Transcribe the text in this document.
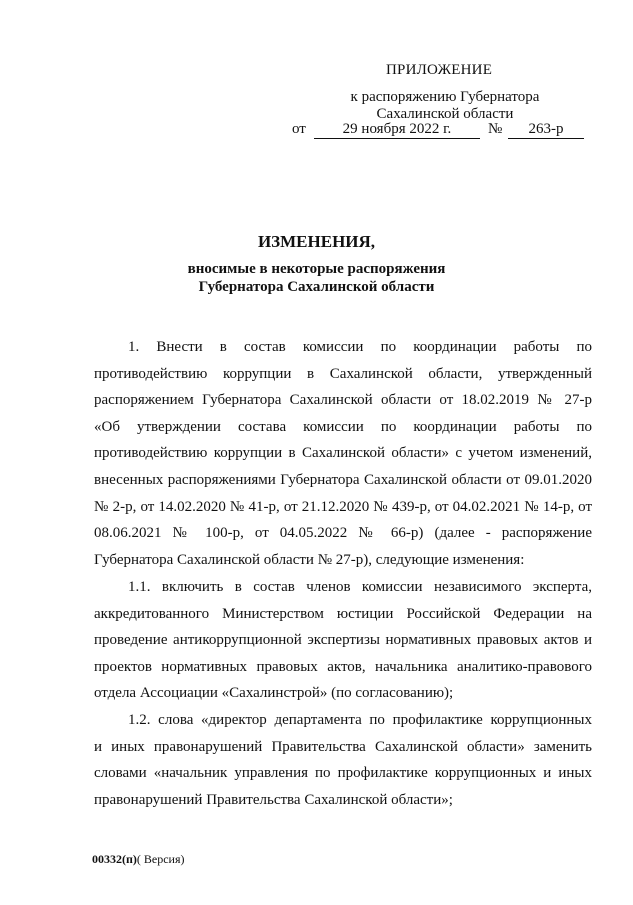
ПРИЛОЖЕНИЕ
к распоряжению Губернатора
Сахалинской области
от	29 ноября 2022 г.	№	263-р
ИЗМЕНЕНИЯ,
вносимые в некоторые распоряжения
Губернатора Сахалинской области
1. Внести в состав комиссии по координации работы по
противодействию коррупции в Сахалинской области, утвержденный
распоряжением Губернатора Сахалинской области от 18.02.2019 № 27-р
«Об утверждении состава комиссии по координации работы по
противодействию коррупции в Сахалинской области» с учетом изменений,
внесенных распоряжениями Губернатора Сахалинской области от 09.01.2020
№ 2-р, от 14.02.2020 № 41-р, от 21.12.2020 № 439-р, от 04.02.2021 № 14-р, от
08.06.2021 № 100-р, от 04.05.2022 № 66-р) (далее - распоряжение
Губернатора Сахалинской области № 27-р), следующие изменения:
1.1. включить в состав членов комиссии независимого эксперта,
аккредитованного Министерством юстиции Российской Федерации на
проведение антикоррупционной экспертизы нормативных правовых актов и
проектов нормативных правовых актов, начальника аналитико-правового
отдела Ассоциации «Сахалинстрой» (по согласованию);
1.2. слова «директор департамента по профилактике коррупционных
и иных правонарушений Правительства Сахалинской области» заменить
словами «начальник управления по профилактике коррупционных и иных
правонарушений Правительства Сахалинской области»;
00332(п)( Версия)
